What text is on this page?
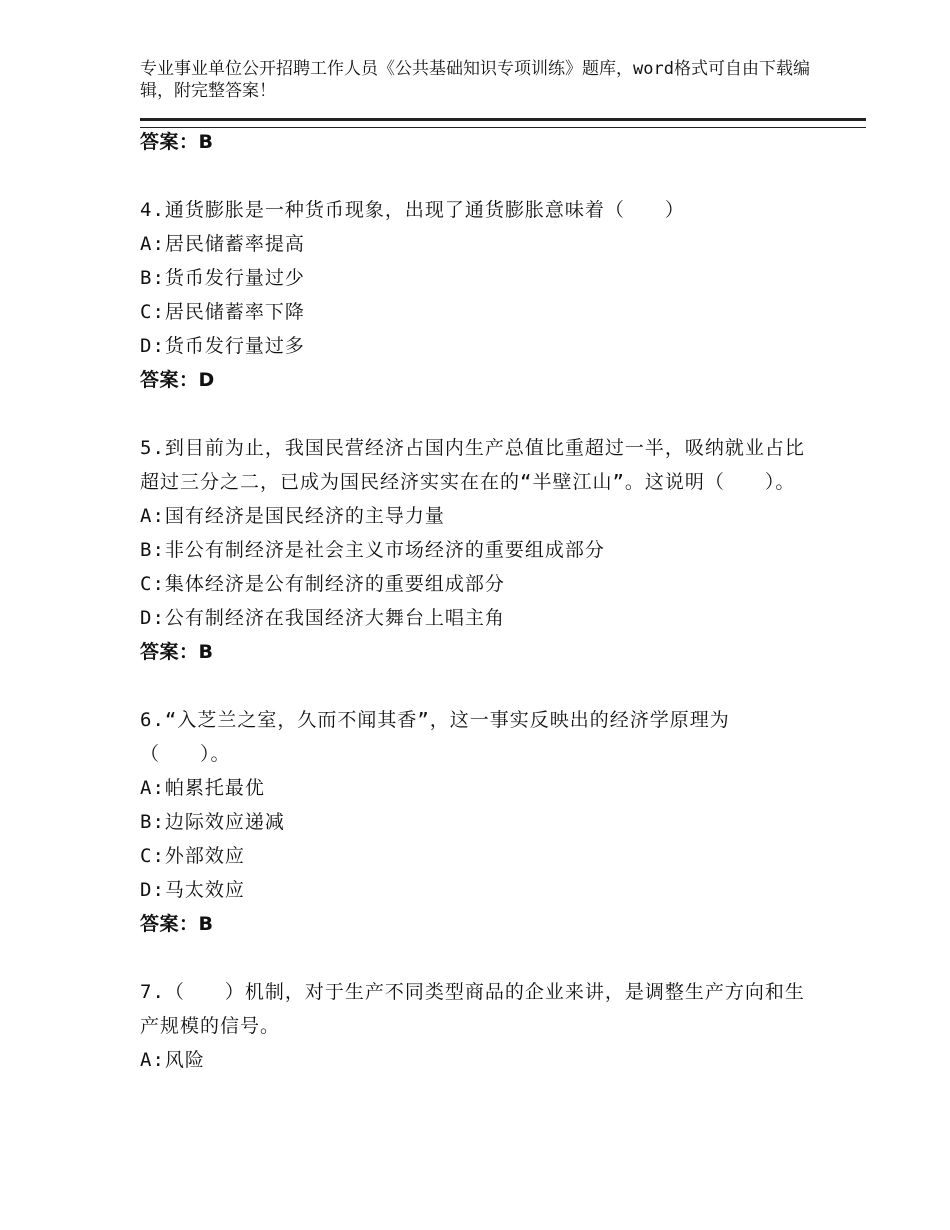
专业事业单位公开招聘工作人员《公共基础知识专项训练》题库，word格式可自由下载编辑，附完整答案！
答案：B
4.通货膨胀是一种货币现象，出现了通货膨胀意味着（　　）
A:居民储蓄率提高
B:货币发行量过少
C:居民储蓄率下降
D:货币发行量过多
答案：D
5.到目前为止，我国民营经济占国内生产总值比重超过一半，吸纳就业占比超过三分之二，已成为国民经济实实在在的“半壁江山”。这说明（　　）。
A:国有经济是国民经济的主导力量
B:非公有制经济是社会主义市场经济的重要组成部分
C:集体经济是公有制经济的重要组成部分
D:公有制经济在我国经济大舞台上唱主角
答案：B
6.“入芝兰之室，久而不闻其香”，这一事实反映出的经济学原理为（　　）。
A:帕累托最优
B:边际效应递减
C:外部效应
D:马太效应
答案：B
7.（　　）机制，对于生产不同类型商品的企业来讲，是调整生产方向和生产规模的信号。
A:风险
